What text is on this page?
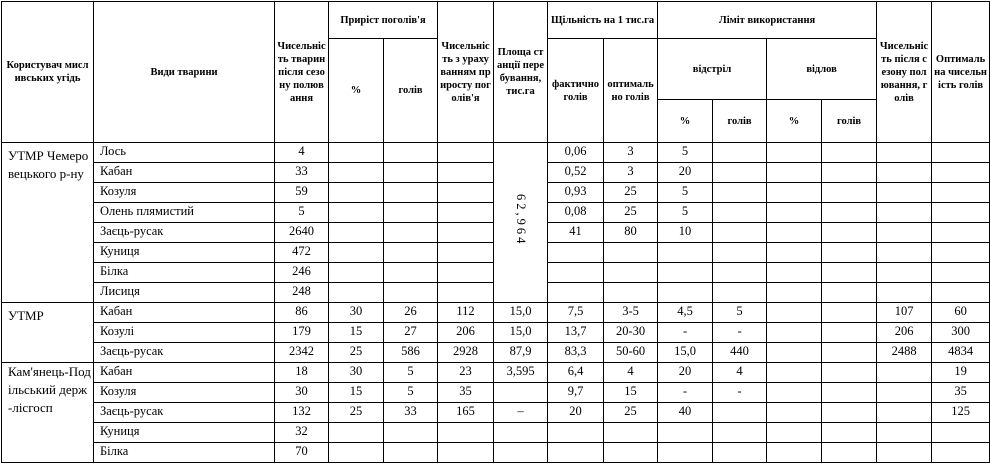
Користувач мисливських угідь	Види тварини	Чисельність тварин після сезону полювання	Приріст поголів'я		Чисельність з урахуванням приросту поголів'я	Площа станції перебування, тис.га	Щільність на 1 тис.га		Ліміт використання				Чисельність після сезону полювання, голів	Оптимальна чисельність голів
			%	голів			фактично голів	оптимально голів	відстріл		відлов			
									%	голів	%	голів		
УТМР Чемеровецького р-ну	Лось	4				62,964	0,06	3	5					
	Кабан	33					0,52	3	20					
	Козуля	59					0,93	25	5					
	Олень плямистий	5					0,08	25	5					
	Заєць-русак	2640					41	80	10					
	Куниця	472												
	Білка	246												
	Лисиця	248												
УТМР	Кабан	86	30	26	112	15,0	7,5	3-5	4,5	5			107	60
	Козулі	179	15	27	206	15,0	13,7	20-30	-	-			206	300
	Заєць-русак	2342	25	586	2928	87,9	83,3	50-60	15,0	440			2488	4834
Кам'янець-Подільський держ-лісгосп	Кабан	18	30	5	23	3,595	6,4	4	20	4				19
	Козуля	30	15	5	35		9,7	15	-	-				35
	Заєць-русак	132	25	33	165	–	20	25	40					125
	Куниця	32												
	Білка	70												
